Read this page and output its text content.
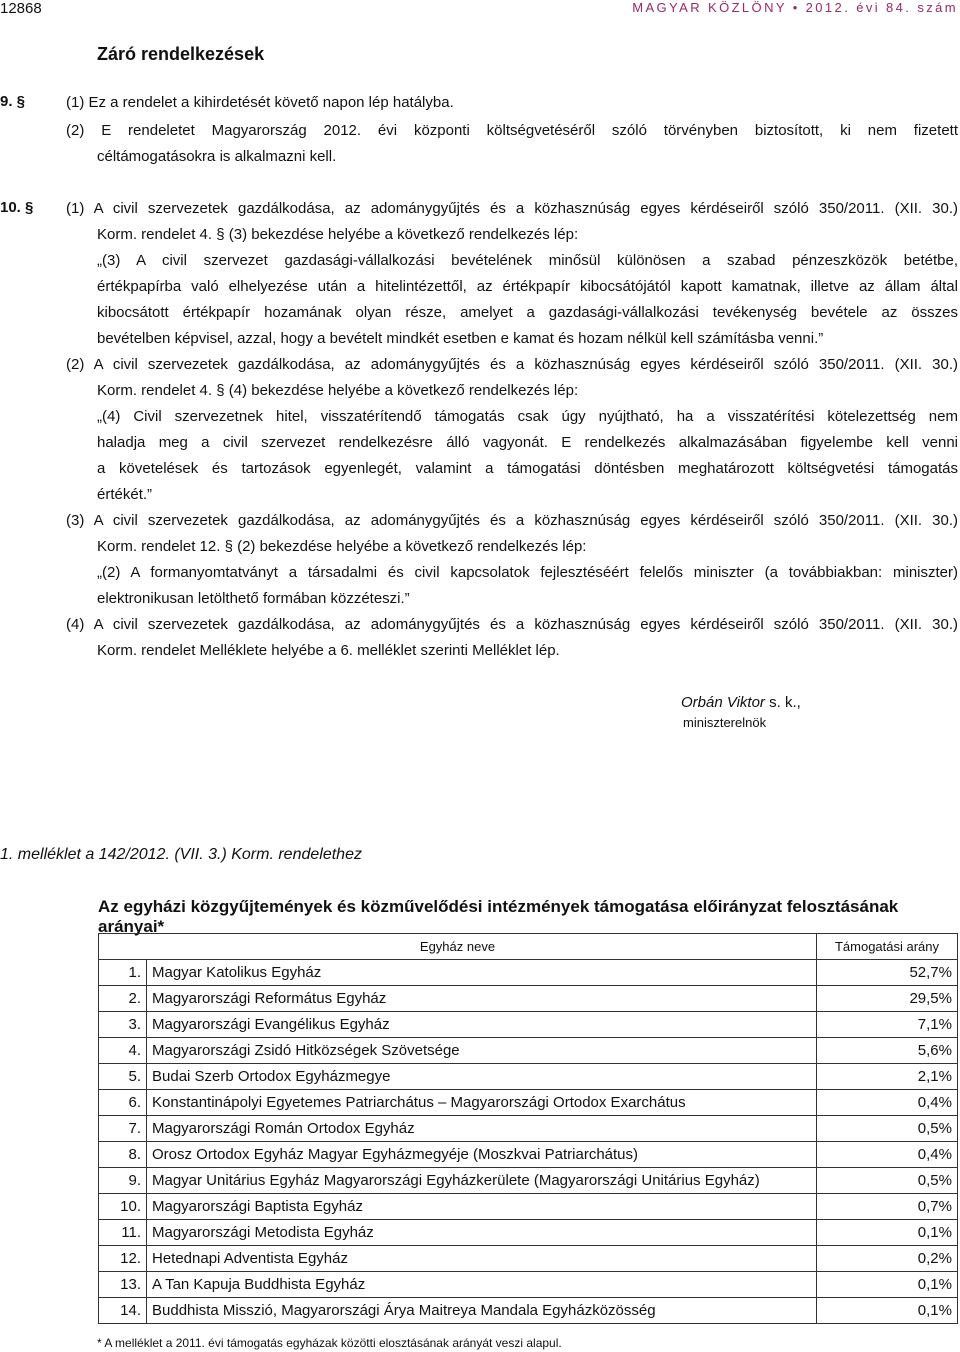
12868	MAGYAR KÖZLÖNY • 2012. évi 84. szám
Záró rendelkezések
9. §	(1) Ez a rendelet a kihirdetését követő napon lép hatályba.
(2) E rendeletet Magyarország 2012. évi központi költségvetéséről szóló törvényben biztosított, ki nem fizetett
céltámogatásokra is alkalmazni kell.
10. § (1) A civil szervezetek gazdálkodása, az adománygyűjtés és a közhasznúság egyes kérdéseiről szóló 350/2011. (XII. 30.)
Korm. rendelet 4. § (3) bekezdése helyébe a következő rendelkezés lép:
„(3) A civil szervezet gazdasági-vállalkozási bevételének minősül különösen a szabad pénzeszközök betétbe,
értékpapírba való elhelyezése után a hitelintézettől, az értékpapír kibocsátójától kapott kamatnak, illetve az állam által
kibocsátott értékpapír hozamának olyan része, amelyet a gazdasági-vállalkozási tevékenység bevétele az összes
bevételben képvisel, azzal, hogy a bevételt mindkét esetben e kamat és hozam nélkül kell számításba venni.”
(2) A civil szervezetek gazdálkodása, az adománygyűjtés és a közhasznúság egyes kérdéseiről szóló 350/2011. (XII. 30.)
Korm. rendelet 4. § (4) bekezdése helyébe a következő rendelkezés lép:
„(4) Civil szervezetnek hitel, visszatérítendő támogatás csak úgy nyújtható, ha a visszatérítési kötelezettség nem
haladja meg a civil szervezet rendelkezésre álló vagyonát. E rendelkezés alkalmazásában figyelembe kell venni
a követelések és tartozások egyenlegét, valamint a támogatási döntésben meghatározott költségvetési támogatás
értékét.”
(3) A civil szervezetek gazdálkodása, az adománygyűjtés és a közhasznúság egyes kérdéseiről szóló 350/2011. (XII. 30.)
Korm. rendelet 12. § (2) bekezdése helyébe a következő rendelkezés lép:
„(2) A formanyomtatványt a társadalmi és civil kapcsolatok fejlesztéséért felelős miniszter (a továbbiakban: miniszter)
elektronikusan letölthető formában közzéteszi.”
(4) A civil szervezetek gazdálkodása, az adománygyűjtés és a közhasznúság egyes kérdéseiről szóló 350/2011. (XII. 30.)
Korm. rendelet Melléklete helyébe a 6. melléklet szerinti Melléklet lép.
Orbán Viktor s. k.,
miniszterelnök
1. melléklet a 142/2012. (VII. 3.) Korm. rendelethez
Az egyházi közgyűjtemények és közművelődési intézmények támogatása előirányzat felosztásának arányai*
Egyház neve		Támogatási arány
1.	Magyar Katolikus Egyház	52,7%
2.	Magyarországi Református Egyház	29,5%
3.	Magyarországi Evangélikus Egyház	7,1%
4.	Magyarországi Zsidó Hitközségek Szövetsége	5,6%
5.	Budai Szerb Ortodox Egyházmegye	2,1%
6.	Konstantinápolyi Egyetemes Patriarchátus – Magyarországi Ortodox Exarchátus	0,4%
7.	Magyarországi Román Ortodox Egyház	0,5%
8.	Orosz Ortodox Egyház Magyar Egyházmegyéje (Moszkvai Patriarchátus)	0,4%
9.	Magyar Unitárius Egyház Magyarországi Egyházkerülete (Magyarországi Unitárius Egyház)	0,5%
10.	Magyarországi Baptista Egyház	0,7%
11.	Magyarországi Metodista Egyház	0,1%
12.	Hetednapi Adventista Egyház	0,2%
13.	A Tan Kapuja Buddhista Egyház	0,1%
14.	Buddhista Misszió, Magyarországi Árya Maitreya Mandala Egyházközösség	0,1%
* A melléklet a 2011. évi támogatás egyházak közötti elosztásának arányát veszi alapul.
